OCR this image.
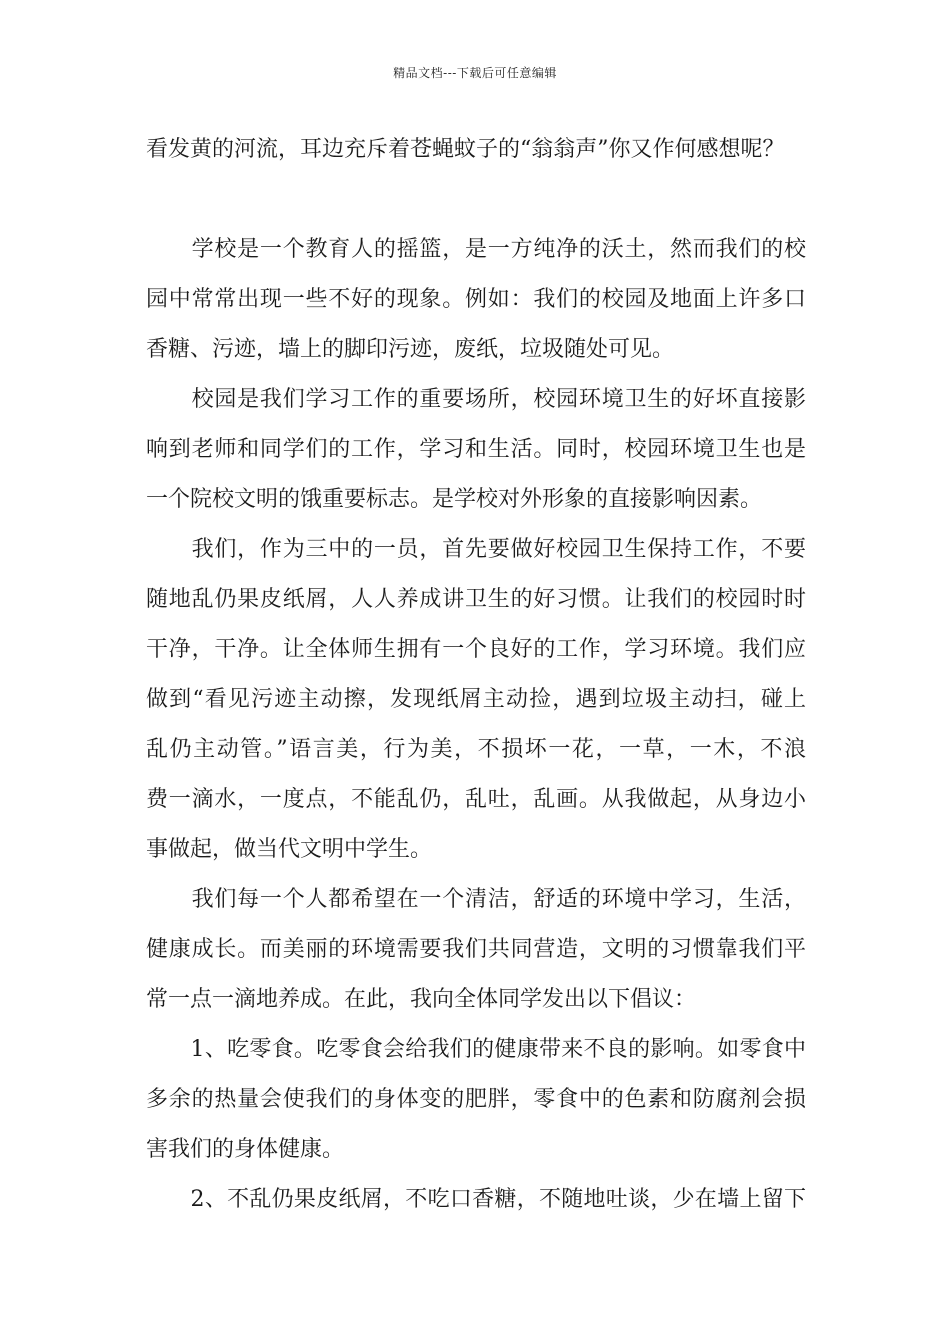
精品文档---下载后可任意编辑
看发黄的河流，耳边充斥着苍蝇蚊子的“翁翁声”你又作何感想呢？
　　学校是一个教育人的摇篮，是一方纯净的沃土，然而我们的校
园中常常出现一些不好的现象。例如：我们的校园及地面上许多口
香糖、污迹，墙上的脚印污迹，废纸，垃圾随处可见。
　　校园是我们学习工作的重要场所，校园环境卫生的好坏直接影
响到老师和同学们的工作，学习和生活。同时，校园环境卫生也是
一个院校文明的饿重要标志。是学校对外形象的直接影响因素。
　　我们，作为三中的一员，首先要做好校园卫生保持工作，不要
随地乱仍果皮纸屑，人人养成讲卫生的好习惯。让我们的校园时时
干净，干净。让全体师生拥有一个良好的工作，学习环境。我们应
做到“看见污迹主动擦，发现纸屑主动捡，遇到垃圾主动扫，碰上
乱仍主动管。”语言美，行为美，不损坏一花，一草，一木，不浪
费一滴水，一度点，不能乱仍，乱吐，乱画。从我做起，从身边小
事做起，做当代文明中学生。
　　我们每一个人都希望在一个清洁，舒适的环境中学习，生活，
健康成长。而美丽的环境需要我们共同营造，文明的习惯靠我们平
常一点一滴地养成。在此，我向全体同学发出以下倡议：
　　1、吃零食。吃零食会给我们的健康带来不良的影响。如零食中
多余的热量会使我们的身体变的肥胖，零食中的色素和防腐剂会损
害我们的身体健康。
　　2、不乱仍果皮纸屑，不吃口香糖，不随地吐谈，少在墙上留下
